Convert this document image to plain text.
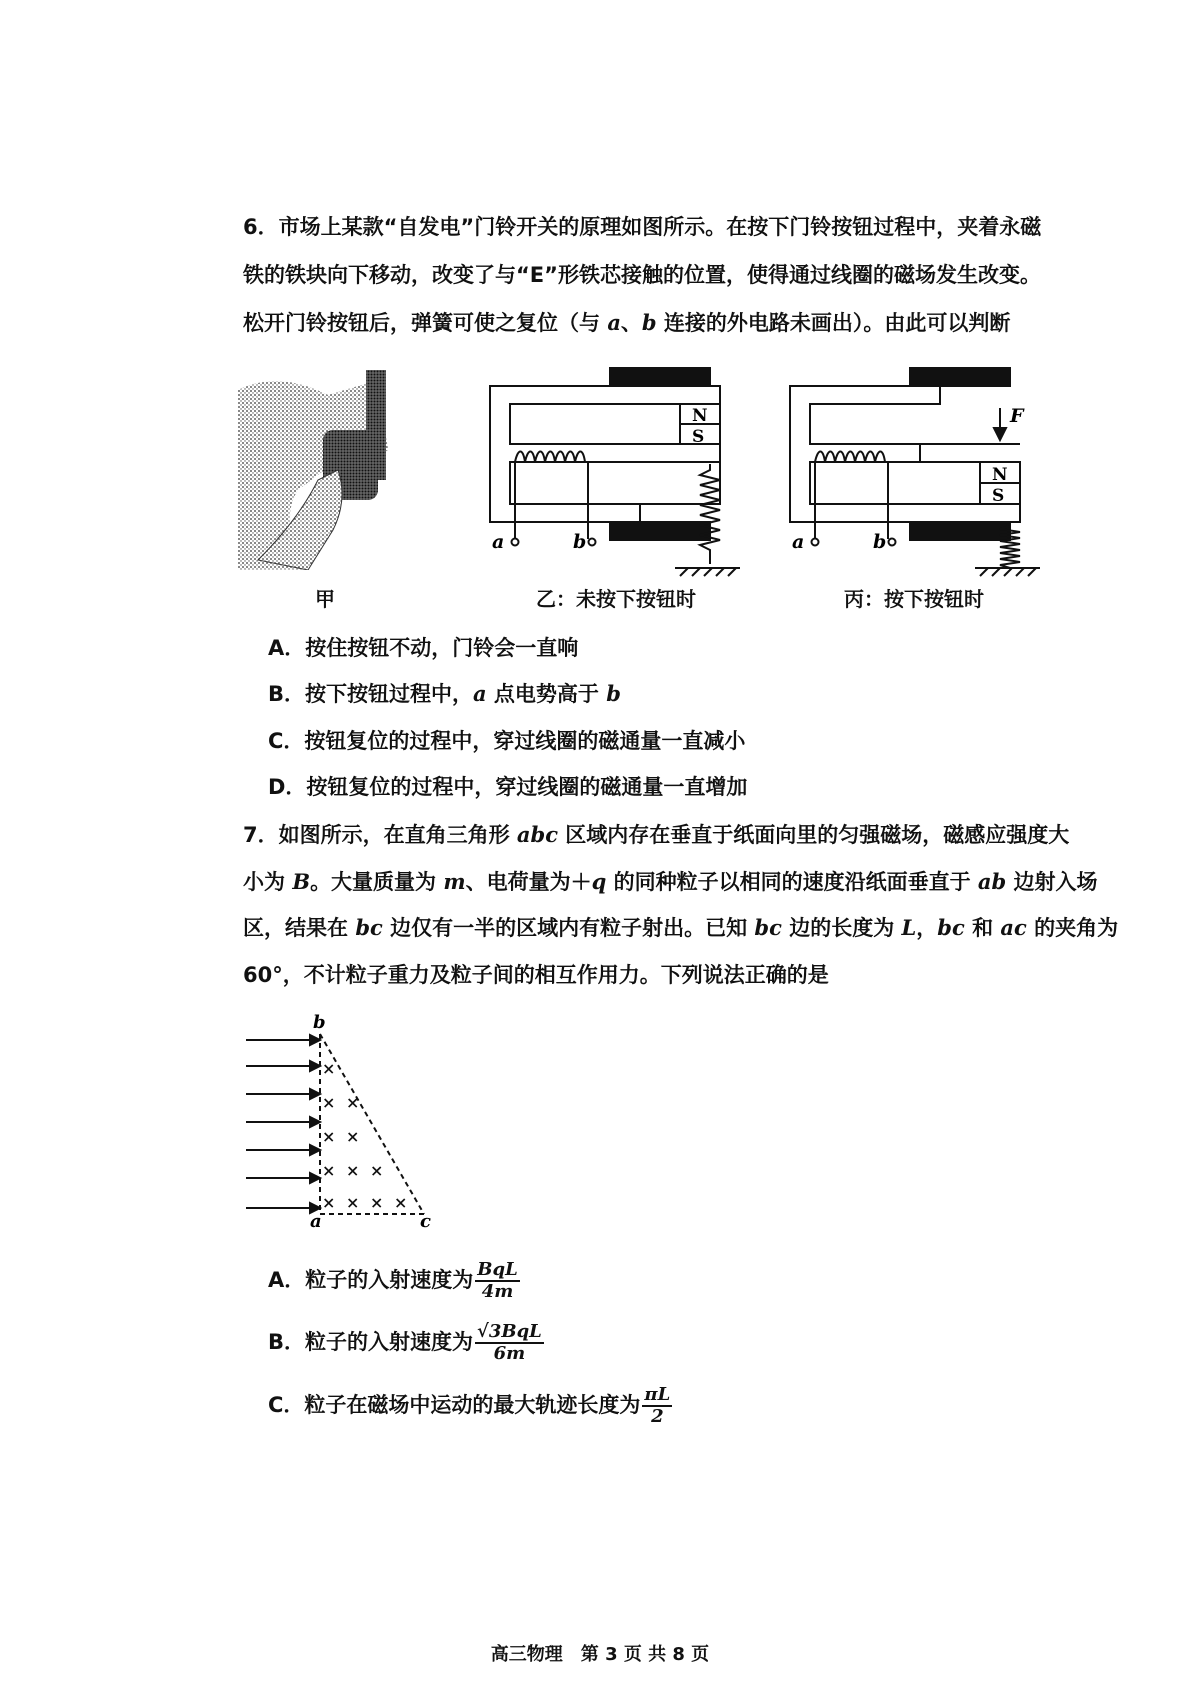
6．市场上某款“自发电”门铃开关的原理如图所示。在按下门铃按钮过程中，夹着永磁
铁的铁块向下移动，改变了与“E”形铁芯接触的位置，使得通过线圈的磁场发生改变。
松开门铃按钮后，弹簧可使之复位（与 a、b 连接的外电路未画出）。由此可以判断
N
S
a	b
F
N
S
a	b
甲	乙：未按下按钮时	丙：按下按钮时
A．按住按钮不动，门铃会一直响
B．按下按钮过程中，a 点电势高于 b
C．按钮复位的过程中，穿过线圈的磁通量一直减小
D．按钮复位的过程中，穿过线圈的磁通量一直增加
7．如图所示，在直角三角形 abc 区域内存在垂直于纸面向里的匀强磁场，磁感应强度大
小为 B。大量质量为 m、电荷量为＋q 的同种粒子以相同的速度沿纸面垂直于 ab 边射入场
区，结果在 bc 边仅有一半的区域内有粒子射出。已知 bc 边的长度为 L，bc 和 ac 的夹角为
60°，不计粒子重力及粒子间的相互作用力。下列说法正确的是
×
× ×
× ×
× × ×
× × × ×
b
a	c
A．粒子的入射速度为 $\frac{\text{BqL}}{4m}$
B．粒子的入射速度为 $\frac{\text{√3BqL}}{6m}$
C．粒子在磁场中运动的最大轨迹长度为 $\frac{\pi L}{2}$
高三物理　第 3 页 共 8 页
